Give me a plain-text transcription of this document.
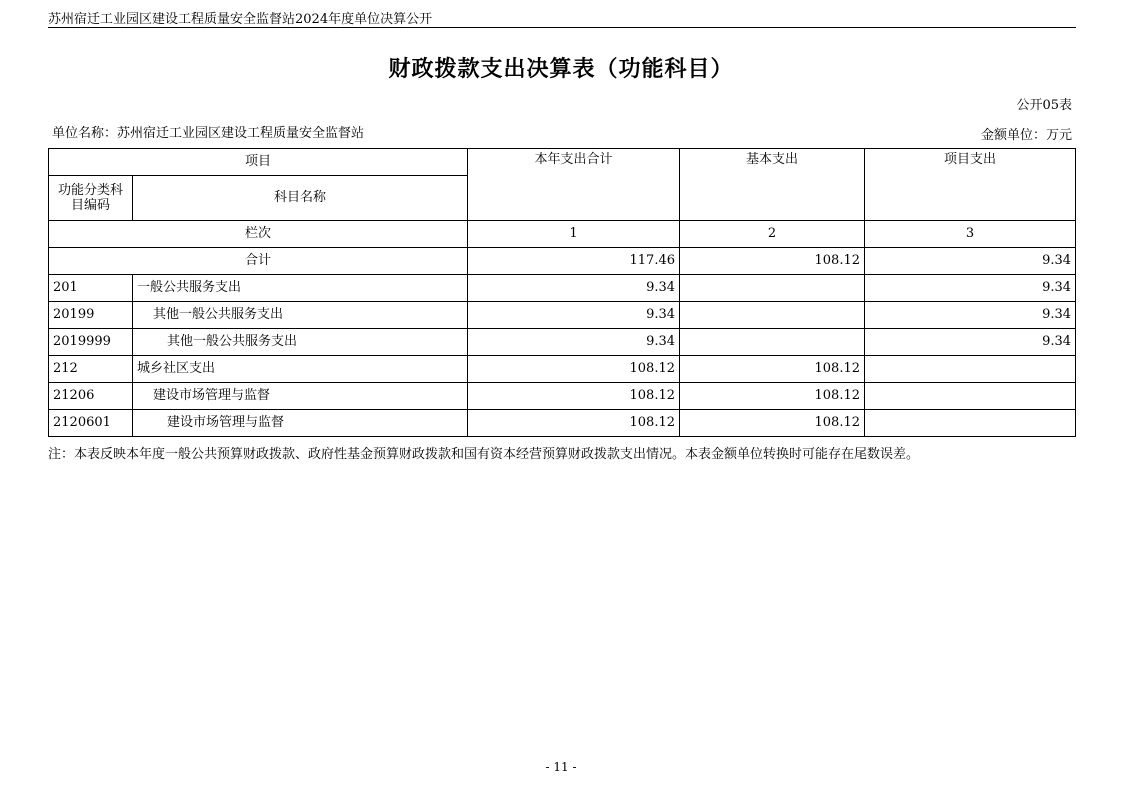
苏州宿迁工业园区建设工程质量安全监督站2024年度单位决算公开
财政拨款支出决算表（功能科目）
公开05表
单位名称：苏州宿迁工业园区建设工程质量安全监督站	金额单位：万元
项目		本年支出合计	基本支出	项目支出
功能分类科目编码	科目名称			
栏次		1	2	3
合计		117.46	108.12	9.34
201	一般公共服务支出	9.34		9.34
20199	其他一般公共服务支出	9.34		9.34
2019999	其他一般公共服务支出	9.34		9.34
212	城乡社区支出	108.12	108.12	
21206	建设市场管理与监督	108.12	108.12	
2120601	建设市场管理与监督	108.12	108.12	
注：本表反映本年度一般公共预算财政拨款、政府性基金预算财政拨款和国有资本经营预算财政拨款支出情况。本表金额单位转换时可能存在尾数误差。
- 11 -
